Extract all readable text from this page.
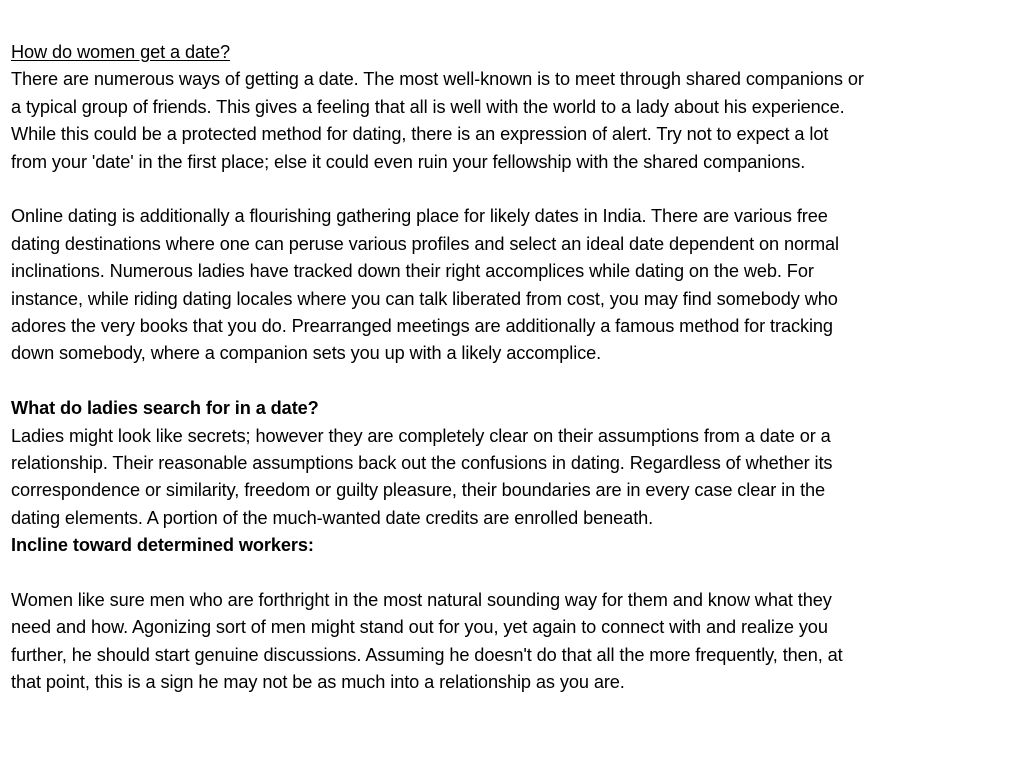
How do women get a date?
There are numerous ways of getting a date. The most well-known is to meet through shared companions or
a typical group of friends. This gives a feeling that all is well with the world to a lady about his experience.
While this could be a protected method for dating, there is an expression of alert. Try not to expect a lot
from your 'date' in the first place; else it could even ruin your fellowship with the shared companions.
Online dating is additionally a flourishing gathering place for likely dates in India. There are various free
dating destinations where one can peruse various profiles and select an ideal date dependent on normal
inclinations. Numerous ladies have tracked down their right accomplices while dating on the web. For
instance, while riding dating locales where you can talk liberated from cost, you may find somebody who
adores the very books that you do. Prearranged meetings are additionally a famous method for tracking
down somebody, where a companion sets you up with a likely accomplice.
What do ladies search for in a date?
Ladies might look like secrets; however they are completely clear on their assumptions from a date or a
relationship. Their reasonable assumptions back out the confusions in dating. Regardless of whether its
correspondence or similarity, freedom or guilty pleasure, their boundaries are in every case clear in the
dating elements. A portion of the much-wanted date credits are enrolled beneath.
Incline toward determined workers:
Women like sure men who are forthright in the most natural sounding way for them and know what they
need and how. Agonizing sort of men might stand out for you, yet again to connect with and realize you
further, he should start genuine discussions. Assuming he doesn't do that all the more frequently, then, at
that point, this is a sign he may not be as much into a relationship as you are.
